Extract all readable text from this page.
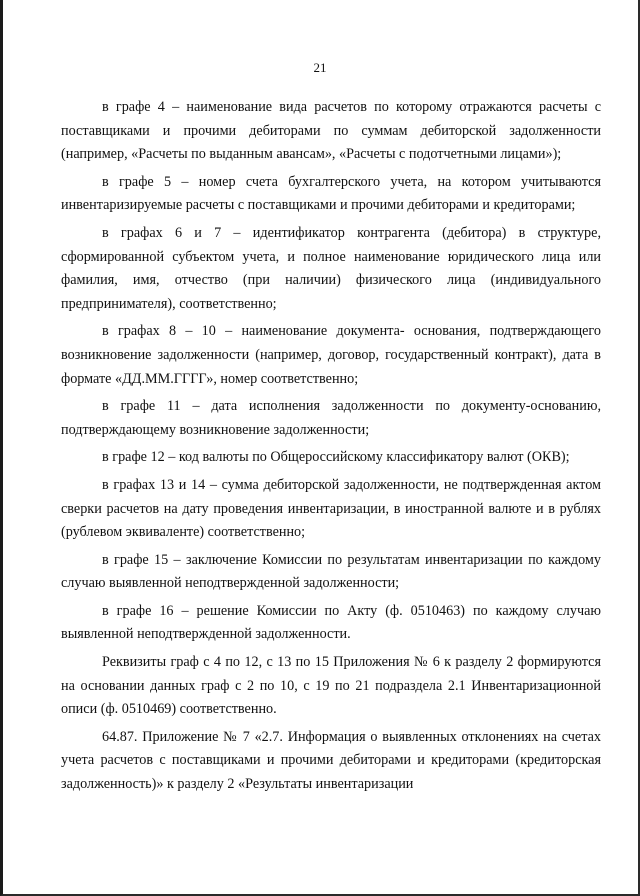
21

в графе 4 – наименование вида расчетов по которому отражаются расчеты с поставщиками и прочими дебиторами по суммам дебиторской задолженности (например, «Расчеты по выданным авансам», «Расчеты с подотчетными лицами»);

в графе 5 – номер счета бухгалтерского учета, на котором учитываются инвентаризируемые расчеты с поставщиками и прочими дебиторами и кредиторами;

в графах 6 и 7 – идентификатор контрагента (дебитора) в структуре, сформированной субъектом учета, и полное наименование юридического лица или фамилия, имя, отчество (при наличии) физического лица (индивидуального предпринимателя), соответственно;

в графах 8 – 10 – наименование документа- основания, подтверждающего возникновение задолженности (например, договор, государственный контракт), дата в формате «ДД.ММ.ГГГГ», номер соответственно;

в графе 11 – дата исполнения задолженности по документу-основанию, подтверждающему возникновение задолженности;

в графе 12 – код валюты по Общероссийскому классификатору валют (ОКВ);

в графах 13 и 14 – сумма дебиторской задолженности, не подтвержденная актом сверки расчетов на дату проведения инвентаризации, в иностранной валюте и в рублях (рублевом эквиваленте) соответственно;

в графе 15 – заключение Комиссии по результатам инвентаризации по каждому случаю выявленной неподтвержденной задолженности;

в графе 16 – решение Комиссии по Акту (ф. 0510463) по каждому случаю выявленной неподтвержденной задолженности.

Реквизиты граф с 4 по 12, с 13 по 15 Приложения № 6 к разделу 2 формируются на основании данных граф с 2 по 10, с 19 по 21 подраздела 2.1 Инвентаризационной описи (ф. 0510469) соответственно.

64.87. Приложение № 7 «2.7. Информация о выявленных отклонениях на счетах учета расчетов с поставщиками и прочими дебиторами и кредиторами (кредиторская задолженность)» к разделу 2 «Результаты инвентаризации
